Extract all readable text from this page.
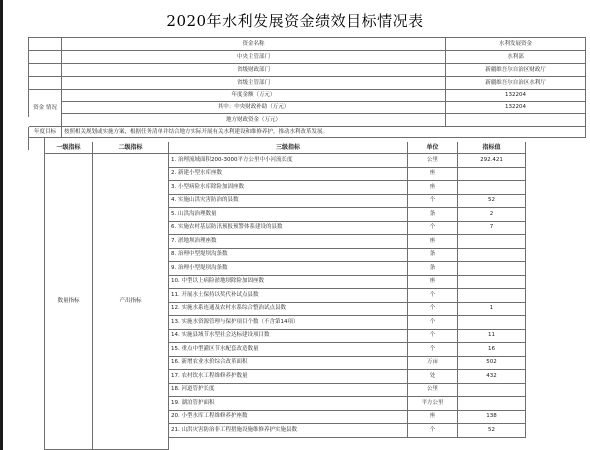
2020年水利发展资金绩效目标情况表
资金名称	水利发展资金
中央主管部门	水利部
省级财政部门	新疆维吾尔自治区财政厅
省级主管部门	新疆维吾尔自治区水利厅
资金 情况
年度金额（万元）	132204
其中：中央财政补助（万元）	132204
地方财政资金（万元）
年度目标	按照相关规划或实施方案，根据任务清单并结合地方实际开展有关水利建设和维修养护，推动水利改革发展。
一级指标	二级指标	三级指标	单位	指标值
数量指标	产出指标
1. 治理流域面积200-3000平方公里中小河流长度	公里	292.421
2. 新建小型水库座数	座
3. 小型病险水库除险加固座数	座
4. 实施山洪灾害防治的县数	个	52
5. 山洪沟治理数量	条	2
6. 实施农村基层防汛预报预警体系建设的县数	个	7
7. 淤地坝治理座数	座
8. 治理中型堤坝沟条数	条
9. 治理小型堤坝沟条数	条
10. 中型以上病险淤地坝除险加固座数	座
11. 开展水土保持以奖代补试点县数	个
12. 实施水系连通及农村水系综合整治试点县数	个	1
13. 实施水资源管理与保护项目个数（不含第14项）	个
14. 实施县域节水型社会达标建设项目数	个	11
15. 重点中型灌区节水配套改造数量	个	16
16. 新增农业水价综合改革面积	万亩	502
17. 农村饮水工程维修养护数量	处	432
18. 河道管护长度	公里
19. 湖泊管护面积	平方公里
20. 小型水库工程维修养护座数	座	138
21. 山洪灾害防治非工程措施设施维修养护实施县数	个	52
